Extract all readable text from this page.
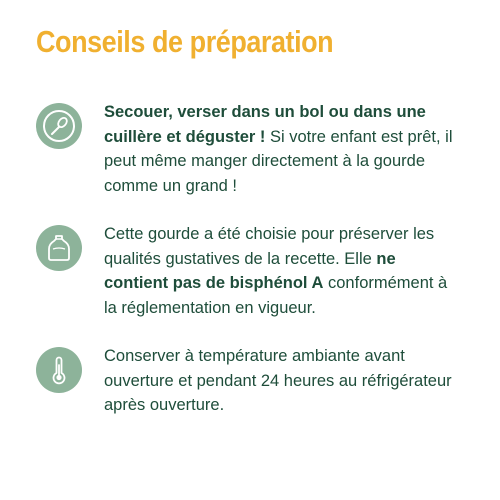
Conseils de préparation
Secouer, verser dans un bol ou dans une cuillère et déguster ! Si votre enfant est prêt, il peut même manger directement à la gourde comme un grand !
Cette gourde a été choisie pour préserver les qualités gustatives de la recette. Elle ne contient pas de bisphénol A conformément à la réglementation en vigueur.
Conserver à température ambiante avant ouverture et pendant 24 heures au réfrigérateur après ouverture.
